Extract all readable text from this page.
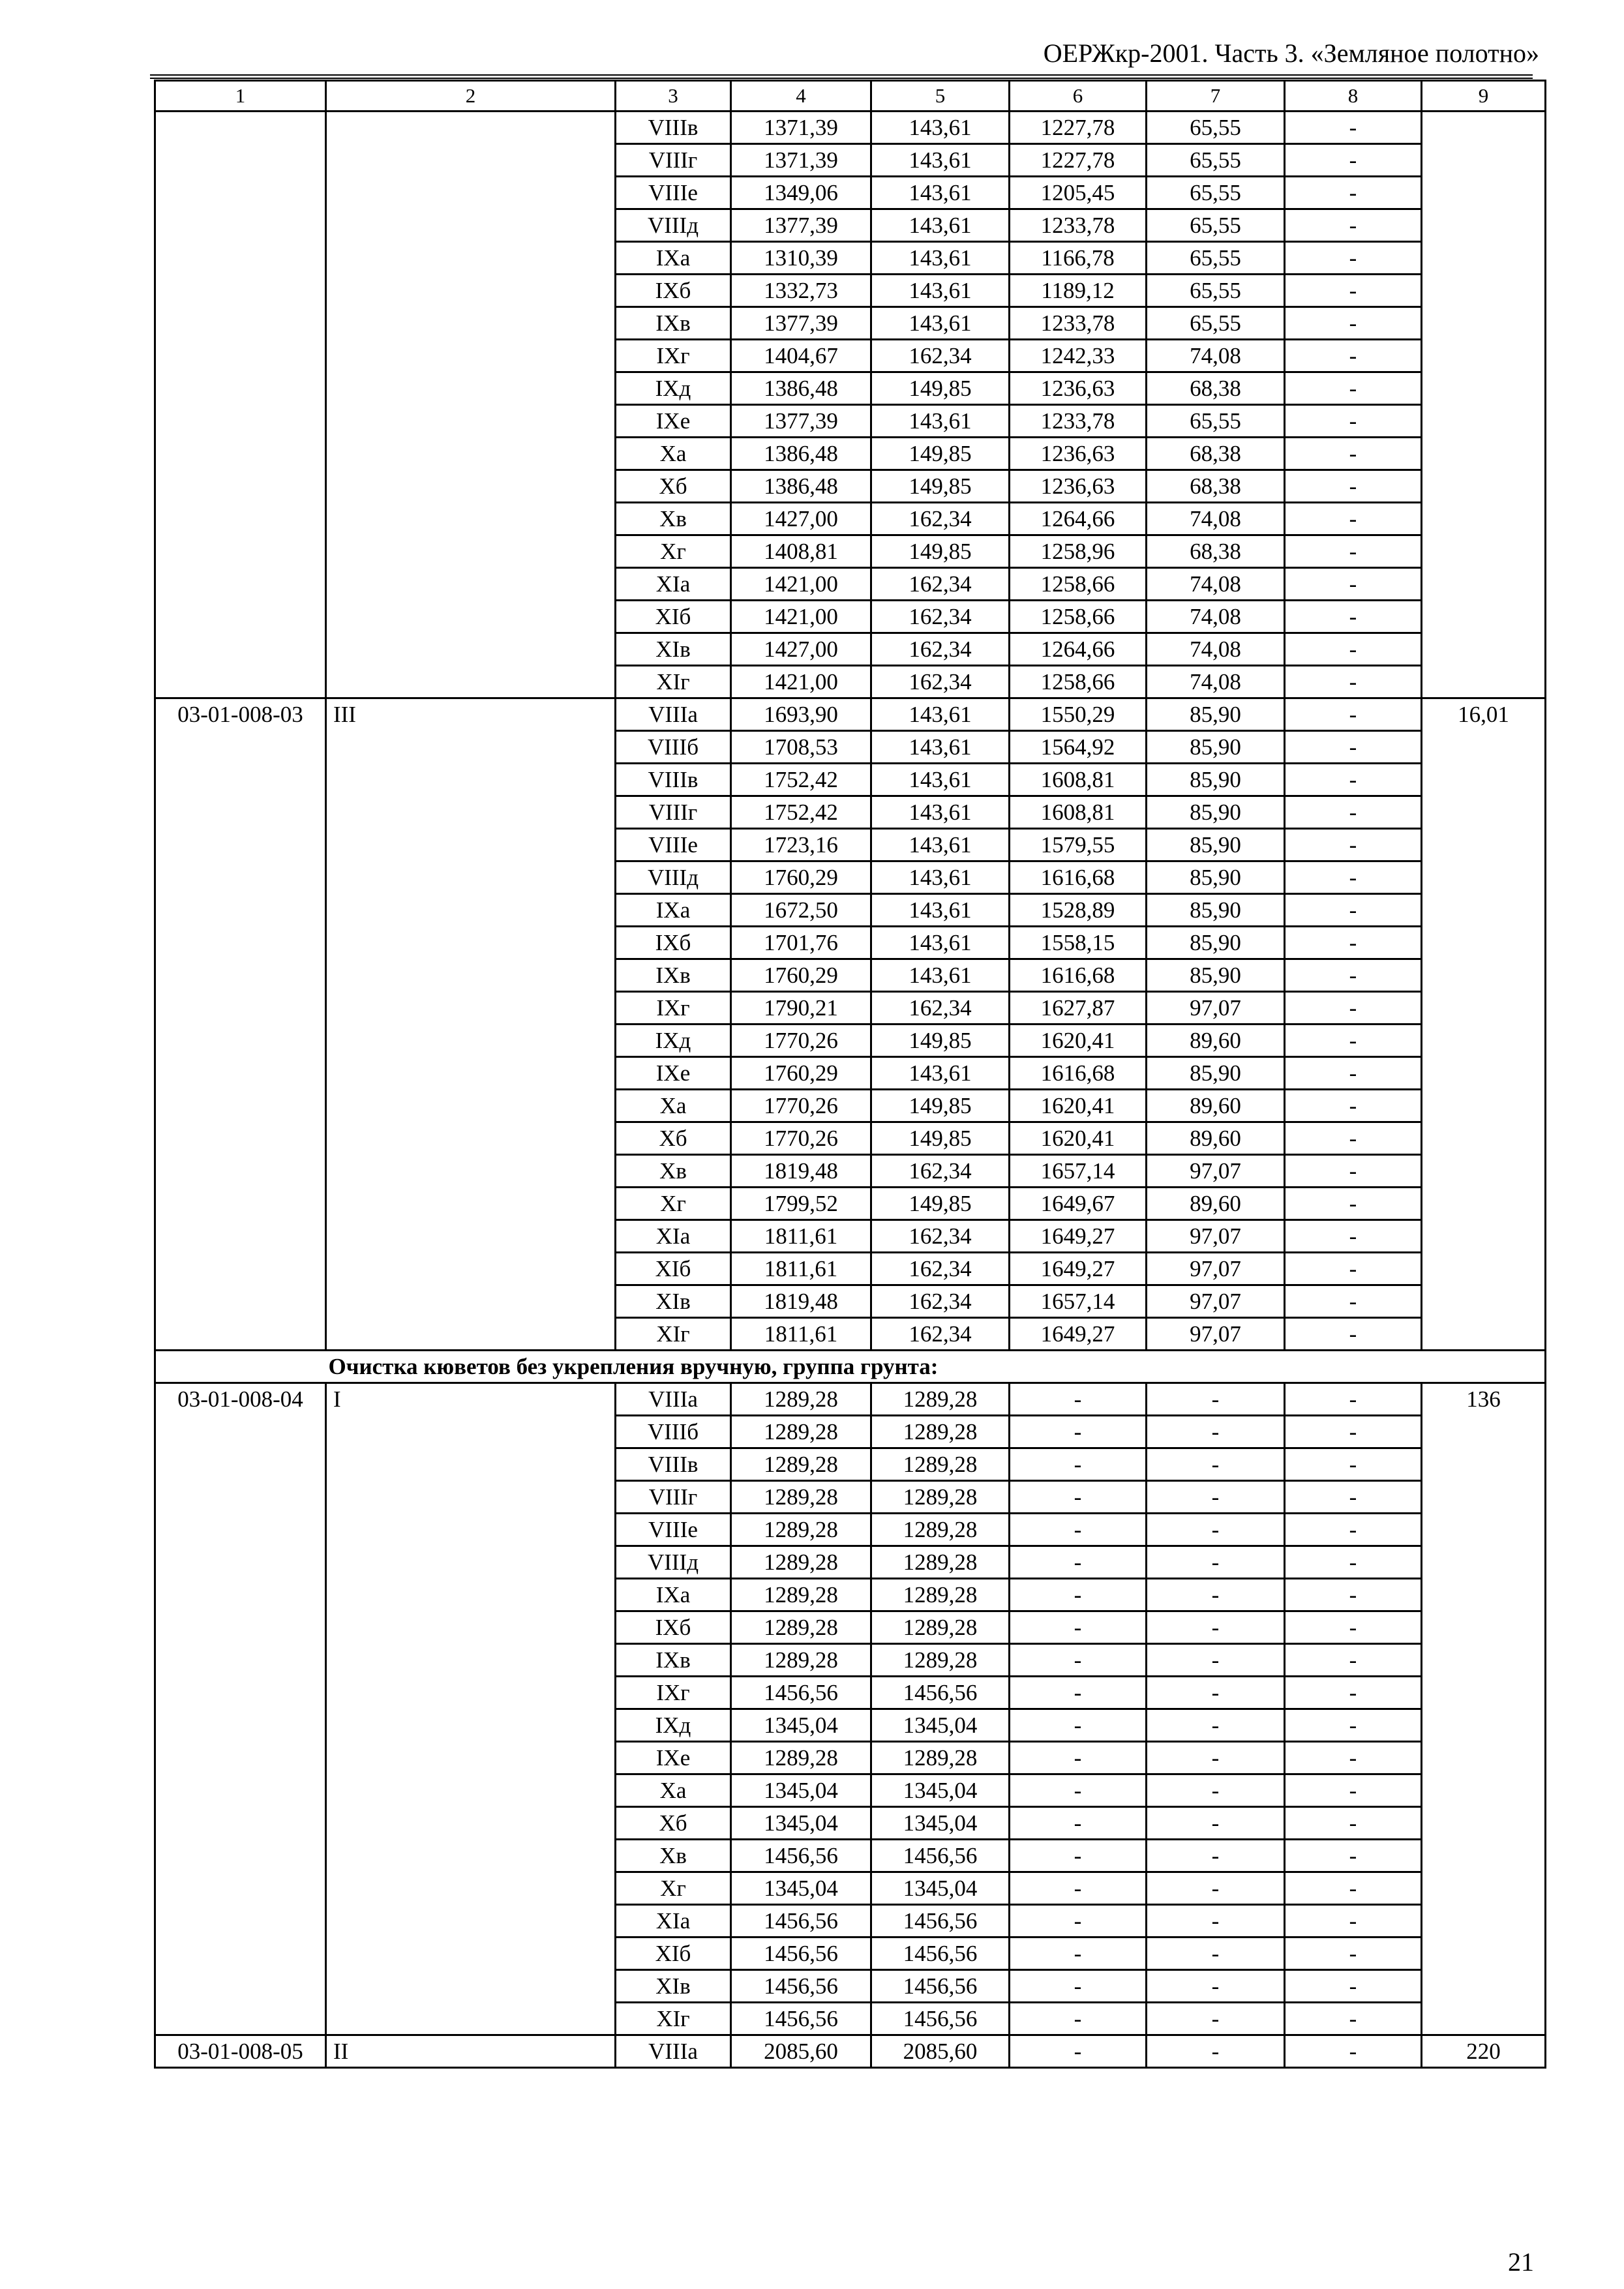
ОЕРЖкр-2001. Часть 3. «Земляное полотно»
1	2	3	4	5	6	7	8	9
		VIIIв	1371,39	143,61	1227,78	65,55	-	
		VIIIг	1371,39	143,61	1227,78	65,55	-	
		VIIIе	1349,06	143,61	1205,45	65,55	-	
		VIIIд	1377,39	143,61	1233,78	65,55	-	
		IXа	1310,39	143,61	1166,78	65,55	-	
		IXб	1332,73	143,61	1189,12	65,55	-	
		IXв	1377,39	143,61	1233,78	65,55	-	
		IXг	1404,67	162,34	1242,33	74,08	-	
		IXд	1386,48	149,85	1236,63	68,38	-	
		IXе	1377,39	143,61	1233,78	65,55	-	
		Xа	1386,48	149,85	1236,63	68,38	-	
		Xб	1386,48	149,85	1236,63	68,38	-	
		Xв	1427,00	162,34	1264,66	74,08	-	
		Xг	1408,81	149,85	1258,96	68,38	-	
		XIа	1421,00	162,34	1258,66	74,08	-	
		XIб	1421,00	162,34	1258,66	74,08	-	
		XIв	1427,00	162,34	1264,66	74,08	-	
		XIг	1421,00	162,34	1258,66	74,08	-	
03-01-008-03	III	VIIIа	1693,90	143,61	1550,29	85,90	-	16,01
		VIIIб	1708,53	143,61	1564,92	85,90	-	
		VIIIв	1752,42	143,61	1608,81	85,90	-	
		VIIIг	1752,42	143,61	1608,81	85,90	-	
		VIIIе	1723,16	143,61	1579,55	85,90	-	
		VIIIд	1760,29	143,61	1616,68	85,90	-	
		IXа	1672,50	143,61	1528,89	85,90	-	
		IXб	1701,76	143,61	1558,15	85,90	-	
		IXв	1760,29	143,61	1616,68	85,90	-	
		IXг	1790,21	162,34	1627,87	97,07	-	
		IXд	1770,26	149,85	1620,41	89,60	-	
		IXе	1760,29	143,61	1616,68	85,90	-	
		Xа	1770,26	149,85	1620,41	89,60	-	
		Xб	1770,26	149,85	1620,41	89,60	-	
		Xв	1819,48	162,34	1657,14	97,07	-	
		Xг	1799,52	149,85	1649,67	89,60	-	
		XIа	1811,61	162,34	1649,27	97,07	-	
		XIб	1811,61	162,34	1649,27	97,07	-	
		XIв	1819,48	162,34	1657,14	97,07	-	
		XIг	1811,61	162,34	1649,27	97,07	-	
	Очистка кюветов без укрепления вручную, группа грунта:							
03-01-008-04	I	VIIIа	1289,28	1289,28	-	-	-	136
		VIIIб	1289,28	1289,28	-	-	-	
		VIIIв	1289,28	1289,28	-	-	-	
		VIIIг	1289,28	1289,28	-	-	-	
		VIIIе	1289,28	1289,28	-	-	-	
		VIIIд	1289,28	1289,28	-	-	-	
		IXа	1289,28	1289,28	-	-	-	
		IXб	1289,28	1289,28	-	-	-	
		IXв	1289,28	1289,28	-	-	-	
		IXг	1456,56	1456,56	-	-	-	
		IXд	1345,04	1345,04	-	-	-	
		IXе	1289,28	1289,28	-	-	-	
		Xа	1345,04	1345,04	-	-	-	
		Xб	1345,04	1345,04	-	-	-	
		Xв	1456,56	1456,56	-	-	-	
		Xг	1345,04	1345,04	-	-	-	
		XIа	1456,56	1456,56	-	-	-	
		XIб	1456,56	1456,56	-	-	-	
		XIв	1456,56	1456,56	-	-	-	
		XIг	1456,56	1456,56	-	-	-	
03-01-008-05	II	VIIIа	2085,60	2085,60	-	-	-	220
21
